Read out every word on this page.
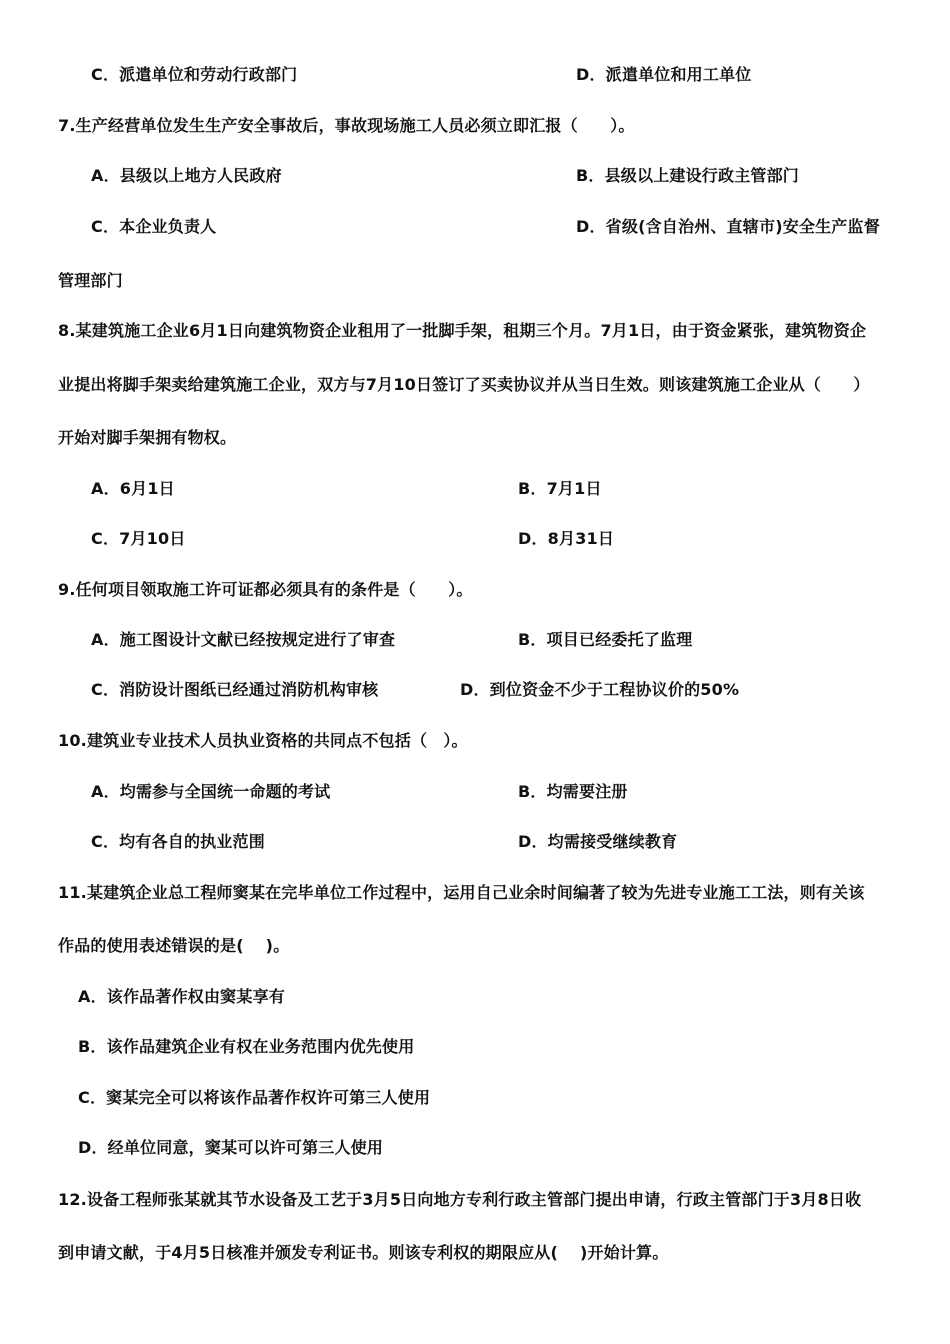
C．派遣单位和劳动行政部门	D．派遣单位和用工单位
7.生产经营单位发生生产安全事故后，事故现场施工人员必须立即汇报（　　）。
A．县级以上地方人民政府	B．县级以上建设行政主管部门
C．本企业负责人	D．省级(含自治州、直辖市)安全生产监督
管理部门
8.某建筑施工企业6月1日向建筑物资企业租用了一批脚手架，租期三个月。7月1日，由于资金紧张，建筑物资企
业提出将脚手架卖给建筑施工企业，双方与7月10日签订了买卖协议并从当日生效。则该建筑施工企业从（　　）
开始对脚手架拥有物权。
A．6月1日	B．7月1日
C．7月10日	D．8月31日
9.任何项目领取施工许可证都必须具有的条件是（　　）。
A．施工图设计文献已经按规定进行了审查	B．项目已经委托了监理
C．消防设计图纸已经通过消防机构审核	D．到位资金不少于工程协议价的50%
10.建筑业专业技术人员执业资格的共同点不包括（　）。
A．均需参与全国统一命题的考试	B．均需要注册
C．均有各自的执业范围	D．均需接受继续教育
11.某建筑企业总工程师窦某在完毕单位工作过程中，运用自己业余时间编著了较为先进专业施工工法，则有关该
作品的使用表述错误的是(　 )。
A．该作品著作权由窦某享有
B．该作品建筑企业有权在业务范围内优先使用
C．窦某完全可以将该作品著作权许可第三人使用
D．经单位同意，窦某可以许可第三人使用
12.设备工程师张某就其节水设备及工艺于3月5日向地方专利行政主管部门提出申请，行政主管部门于3月8日收
到申请文献，于4月5日核准并颁发专利证书。则该专利权的期限应从(　 )开始计算。
